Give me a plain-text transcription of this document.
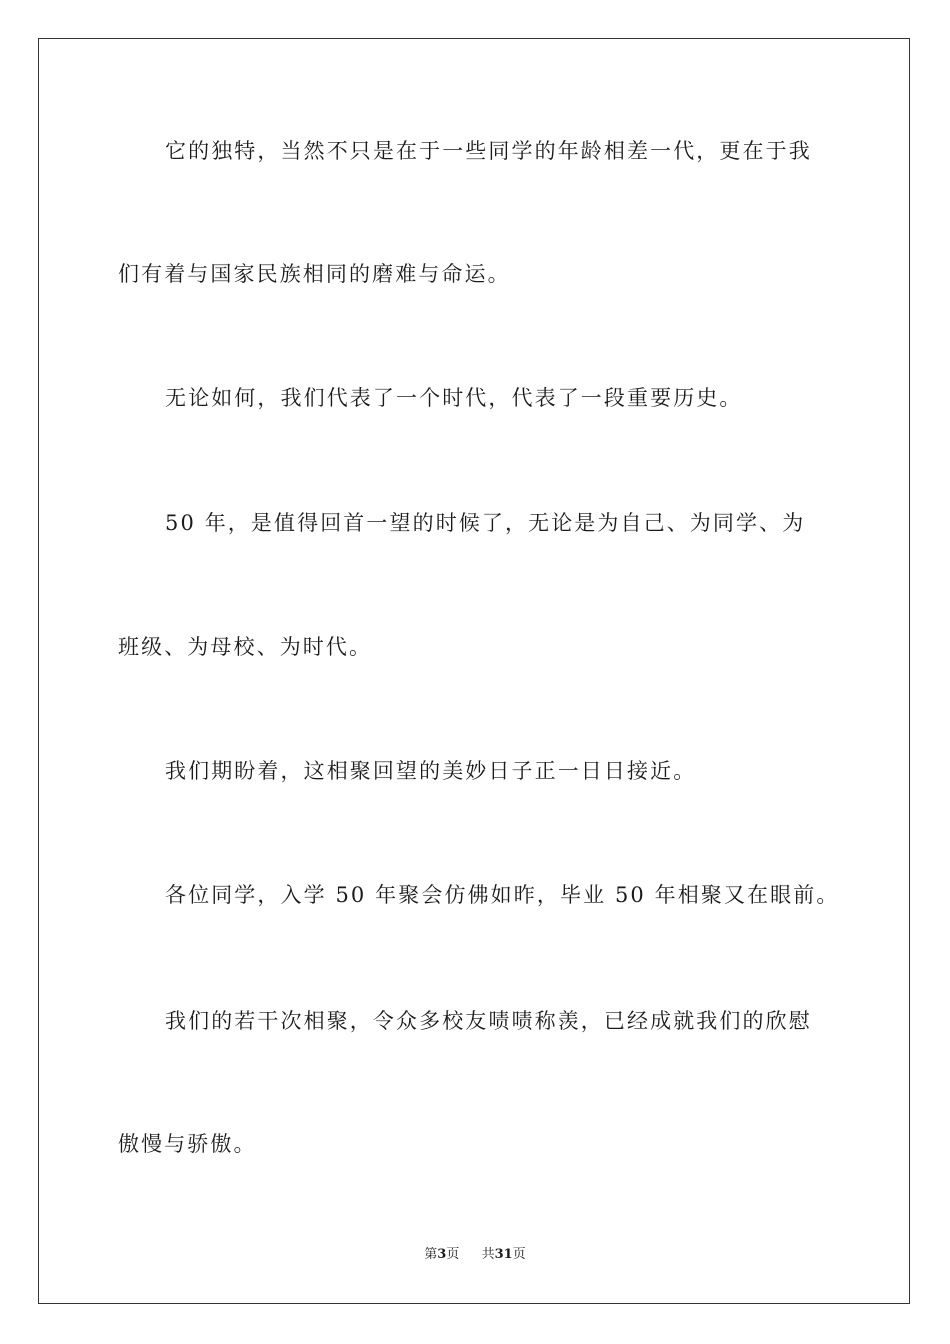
它的独特，当然不只是在于一些同学的年龄相差一代，更在于我

们有着与国家民族相同的磨难与命运。

无论如何，我们代表了一个时代，代表了一段重要历史。

50 年，是值得回首一望的时候了，无论是为自己、为同学、为

班级、为母校、为时代。

我们期盼着，这相聚回望的美妙日子正一日日接近。

各位同学，入学 50 年聚会仿佛如昨，毕业 50 年相聚又在眼前。

我们的若干次相聚，令众多校友啧啧称羡，已经成就我们的欣慰

傲慢与骄傲。

第3页 共31页
